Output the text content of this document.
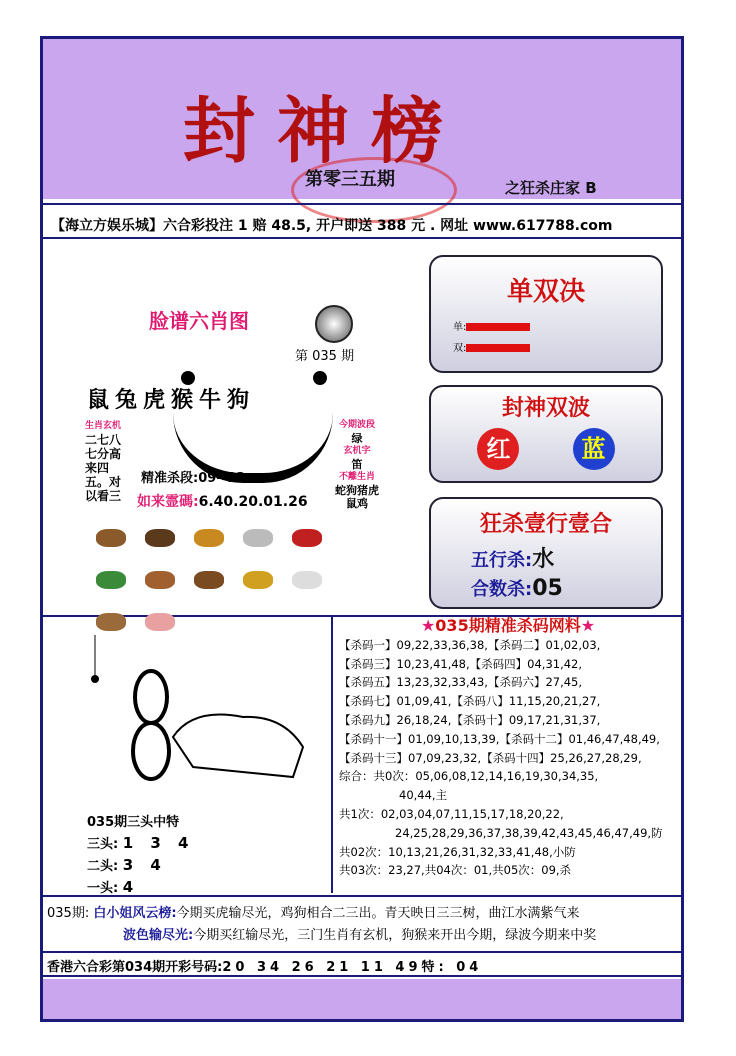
封神榜
第零三五期	之狂杀庄家 B
【海立方娱乐城】六合彩投注 1 赔 48.5, 开户即送 388 元 . 网址 www.617788.com
脸谱六肖图
第 035 期
鼠兔虎猴牛狗
生肖玄机
二七八七分高来四五。对以看三
今期波段
绿
玄机字
笛
不離生肖
蛇狗猪虎鼠鸡
精准杀段:09--13
如来霊碼:6.40.20.01.26

单双决
单:
双:
封神双波
红	蓝
狂杀壹行壹合
五行杀:水
合数杀:05
035期三头中特
三头: 1 3 4
二头: 3 4
一头: 4
★035期精准杀码网料★
【杀码一】09,22,33,36,38,【杀码二】01,02,03,
【杀码三】10,23,41,48,【杀码四】04,31,42,
【杀码五】13,23,32,33,43,【杀码六】27,45,
【杀码七】01,09,41,【杀码八】11,15,20,21,27,
【杀码九】26,18,24,【杀码十】09,17,21,31,37,
【杀码十一】01,09,10,13,39,【杀码十二】01,46,47,48,49,
【杀码十三】07,09,23,32,【杀码十四】25,26,27,28,29,
综合：共0次：05,06,08,12,14,16,19,30,34,35,
40,44,主
共1次：02,03,04,07,11,15,17,18,20,22,
24,25,28,29,36,37,38,39,42,43,45,46,47,49,防
共02次：10,13,21,26,31,32,33,41,48,小防
共03次：23,27,共04次：01,共05次：09,杀
035期: 白小姐风云榜:今期买虎输尽光，鸡狗相合二三出。青天映日三三树，曲江水满紫气来
波色输尽光:今期买红输尽光，三门生肖有玄机，狗猴来开出今期，绿波今期来中奖
香港六合彩第034期开彩号码:20 34 26 21 11 49特: 04
